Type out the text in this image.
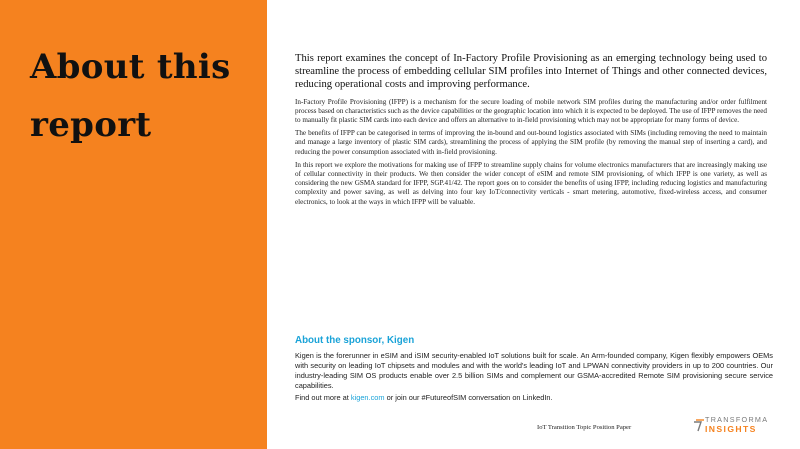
About this
report

This report examines the concept of In-Factory Profile Provisioning as an emerging technology being used to streamline the process of embedding cellular SIM profiles into Internet of Things and other connected devices, reducing operational costs and improving performance.

In-Factory Profile Provisioning (IFPP) is a mechanism for the secure loading of mobile network SIM profiles during the manufacturing and/or order fulfilment process based on characteristics such as the device capabilities or the geographic location into which it is expected to be deployed. The use of IFPP removes the need to manually fit plastic SIM cards into each device and offers an alternative to in-field provisioning which may not be appropriate for many forms of device.

The benefits of IFPP can be categorised in terms of improving the in-bound and out-bound logistics associated with SIMs (including removing the need to maintain and manage a large inventory of plastic SIM cards), streamlining the process of applying the SIM profile (by removing the manual step of inserting a card), and reducing the power consumption associated with in-field provisioning.

In this report we explore the motivations for making use of IFPP to streamline supply chains for volume electronics manufacturers that are increasingly making use of cellular connectivity in their products. We then consider the wider concept of eSIM and remote SIM provisioning, of which IFPP is one variety, as well as considering the new GSMA standard for IFPP, SGP.41/42. The report goes on to consider the benefits of using IFPP, including reducing logistics and manufacturing complexity and power saving, as well as delving into four key IoT/connectivity verticals - smart metering, automotive, fixed-wireless access, and consumer electronics, to look at the ways in which IFPP will be valuable.

About the sponsor, Kigen

Kigen is the forerunner in eSIM and iSIM security-enabled IoT solutions built for scale. An Arm-founded company, Kigen flexibly empowers OEMs with security on leading IoT chipsets and modules and with the world's leading IoT and LPWAN connectivity providers in up to 200 countries. Our industry-leading SIM OS products enable over 2.5 billion SIMs and complement our GSMA-accredited Remote SIM provisioning secure service capabilities.

Find out more at kigen.com or join our #FutureofSIM conversation on LinkedIn.

IoT Transition Topic Position Paper
TRANSFORMA
INSIGHTS
